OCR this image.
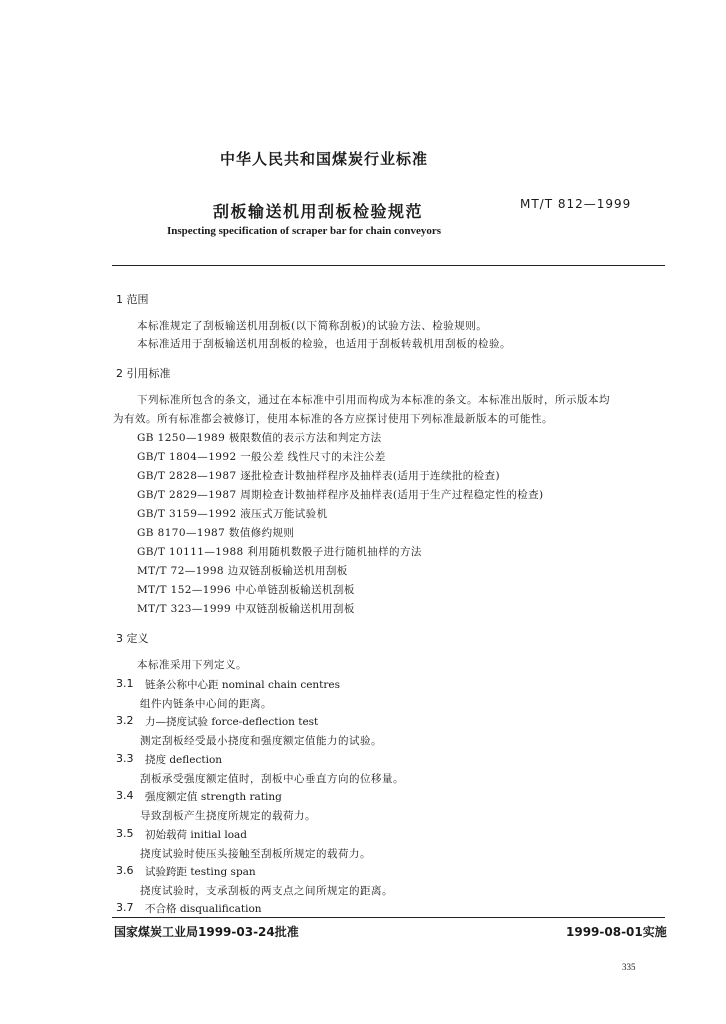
中华人民共和国煤炭行业标准
刮板输送机用刮板检验规范	MT/T 812—1999
Inspecting specification of scraper bar for chain conveyors
1 范围
本标准规定了刮板输送机用刮板(以下简称刮板)的试验方法、检验规则。
本标准适用于刮板输送机用刮板的检验，也适用于刮板转载机用刮板的检验。
2 引用标准
下列标准所包含的条文，通过在本标准中引用而构成为本标准的条文。本标准出版时，所示版本均
为有效。所有标准都会被修订，使用本标准的各方应探讨使用下列标准最新版本的可能性。
GB 1250—1989 极限数值的表示方法和判定方法
GB/T 1804—1992 一般公差 线性尺寸的未注公差
GB/T 2828—1987 逐批检查计数抽样程序及抽样表(适用于连续批的检查)
GB/T 2829—1987 周期检查计数抽样程序及抽样表(适用于生产过程稳定性的检查)
GB/T 3159—1992 液压式万能试验机
GB 8170—1987 数值修约规则
GB/T 10111—1988 利用随机数骰子进行随机抽样的方法
MT/T 72—1998 边双链刮板输送机用刮板
MT/T 152—1996 中心单链刮板输送机刮板
MT/T 323—1999 中双链刮板输送机用刮板
3 定义
本标准采用下列定义。
3.1 链条公称中心距 nominal chain centres
组件内链条中心间的距离。
3.2 力—挠度试验 force-deflection test
测定刮板经受最小挠度和强度额定值能力的试验。
3.3 挠度 deflection
刮板承受强度额定值时，刮板中心垂直方向的位移量。
3.4 强度额定值 strength rating
导致刮板产生挠度所规定的载荷力。
3.5 初始载荷 initial load
挠度试验时使压头接触至刮板所规定的载荷力。
3.6 试验跨距 testing span
挠度试验时，支承刮板的两支点之间所规定的距离。
3.7 不合格 disqualification
国家煤炭工业局1999-03-24批准	1999-08-01实施
335
